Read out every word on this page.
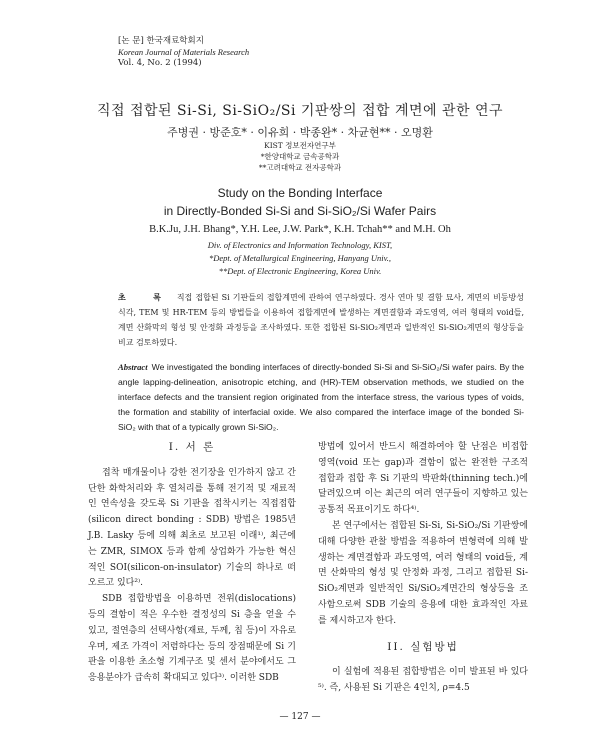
[논 문] 한국재료학회지
Korean Journal of Materials Research
Vol. 4, No. 2 (1994)
직접 접합된 Si-Si, Si-SiO₂/Si 기판쌍의 접합 계면에 관한 연구
주병권 · 방준호* · 이유희 · 박종완* · 차균현** · 오명환
KIST 정보전자연구부
*한양대학교 금속공학과
**고려대학교 전자공학과
Study on the Bonding Interface
in Directly-Bonded Si-Si and Si-SiO₂/Si Wafer Pairs
B.K.Ju, J.H. Bhang*, Y.H. Lee, J.W. Park*, K.H. Tchah** and M.H. Oh
Div. of Electronics and Information Technology, KIST,
*Dept. of Metallurgical Engineering, Hanyang Univ.,
**Dept. of Electronic Engineering, Korea Univ.
초 록 직접 접합된 Si 기판들의 접합계면에 관하여 연구하였다. 경사 연마 및 결함 묘사, 계면의 비등방성 식각, TEM 및 HR-TEM 등의 방법들을 이용하여 접합계면에 발생하는 계면결함과 과도영역, 여러 형태의 void들, 계면 산화막의 형성 및 안정화 과정등을 조사하였다. 또한 접합된 Si-SiO₂계면과 일반적인 Si-SiO₂계면의 형상등을 비교 검토하였다.
Abstract We investigated the bonding interfaces of directly-bonded Si-Si and Si-SiO₂/Si wafer pairs. By the angle lapping-delineation, anisotropic etching, and (HR)-TEM observation methods, we studied on the interface defects and the transient region originated from the interface stress, the various types of voids, the formation and stability of interfacial oxide. We also compared the interface image of the bonded Si-SiO₂ with that of a typically grown Si-SiO₂.
I. 서 론

접착 매개물이나 강한 전기장을 인가하지 않고 간단한 화학처리와 후 열처리를 통해 전기적 및 재료적인 연속성을 갖도록 Si 기판을 접착시키는 직접접합(silicon direct bonding : SDB) 방법은 1985년 J.B. Lasky 등에 의해 최초로 보고된 이래¹⁾, 최근에는 ZMR, SIMOX 등과 함께 상업화가 가능한 혁신적인 SOI(silicon-on-insulator) 기술의 하나로 떠오르고 있다²⁾.

SDB 접합방법을 이용하면 전위(dislocations)등의 결함이 적은 우수한 결정성의 Si 층을 얻을 수 있고, 절연층의 선택사항(재료, 두께, 칩 등)이 자유로우며, 제조 가격이 저렴하다는 등의 장점때문에 Si 기판을 이용한 초소형 기계구조 및 센서 분야에서도 그 응용분야가 급속히 확대되고 있다³⁾. 이러한 SDB

방법에 있어서 반드시 해결하여야 할 난점은 비접합 영역(void 또는 gap)과 결함이 없는 완전한 구조적 접합과 접합 후 Si 기판의 박판화(thinning tech.)에 달려있으며 이는 최근의 여러 연구들이 지향하고 있는 공통적 목표이기도 하다⁴⁾.

본 연구에서는 접합된 Si-Si, Si-SiO₂/Si 기판쌍에 대해 다양한 관찰 방법을 적용하여 변형력에 의해 발생하는 계면결함과 과도영역, 여러 형태의 void들, 계면 산화막의 형성 및 안정화 과정, 그리고 접합된 Si-SiO₂계면과 일반적인 Si/SiO₂계면간의 형상등을 조사함으로써 SDB 기술의 응용에 대한 효과적인 자료를 제시하고자 한다.

II. 실험방법

이 실험에 적용된 접합방법은 이미 발표된 바 있다⁵⁾. 즉, 사용된 Si 기판은 4인치, ρ=4.5

— 127 —
